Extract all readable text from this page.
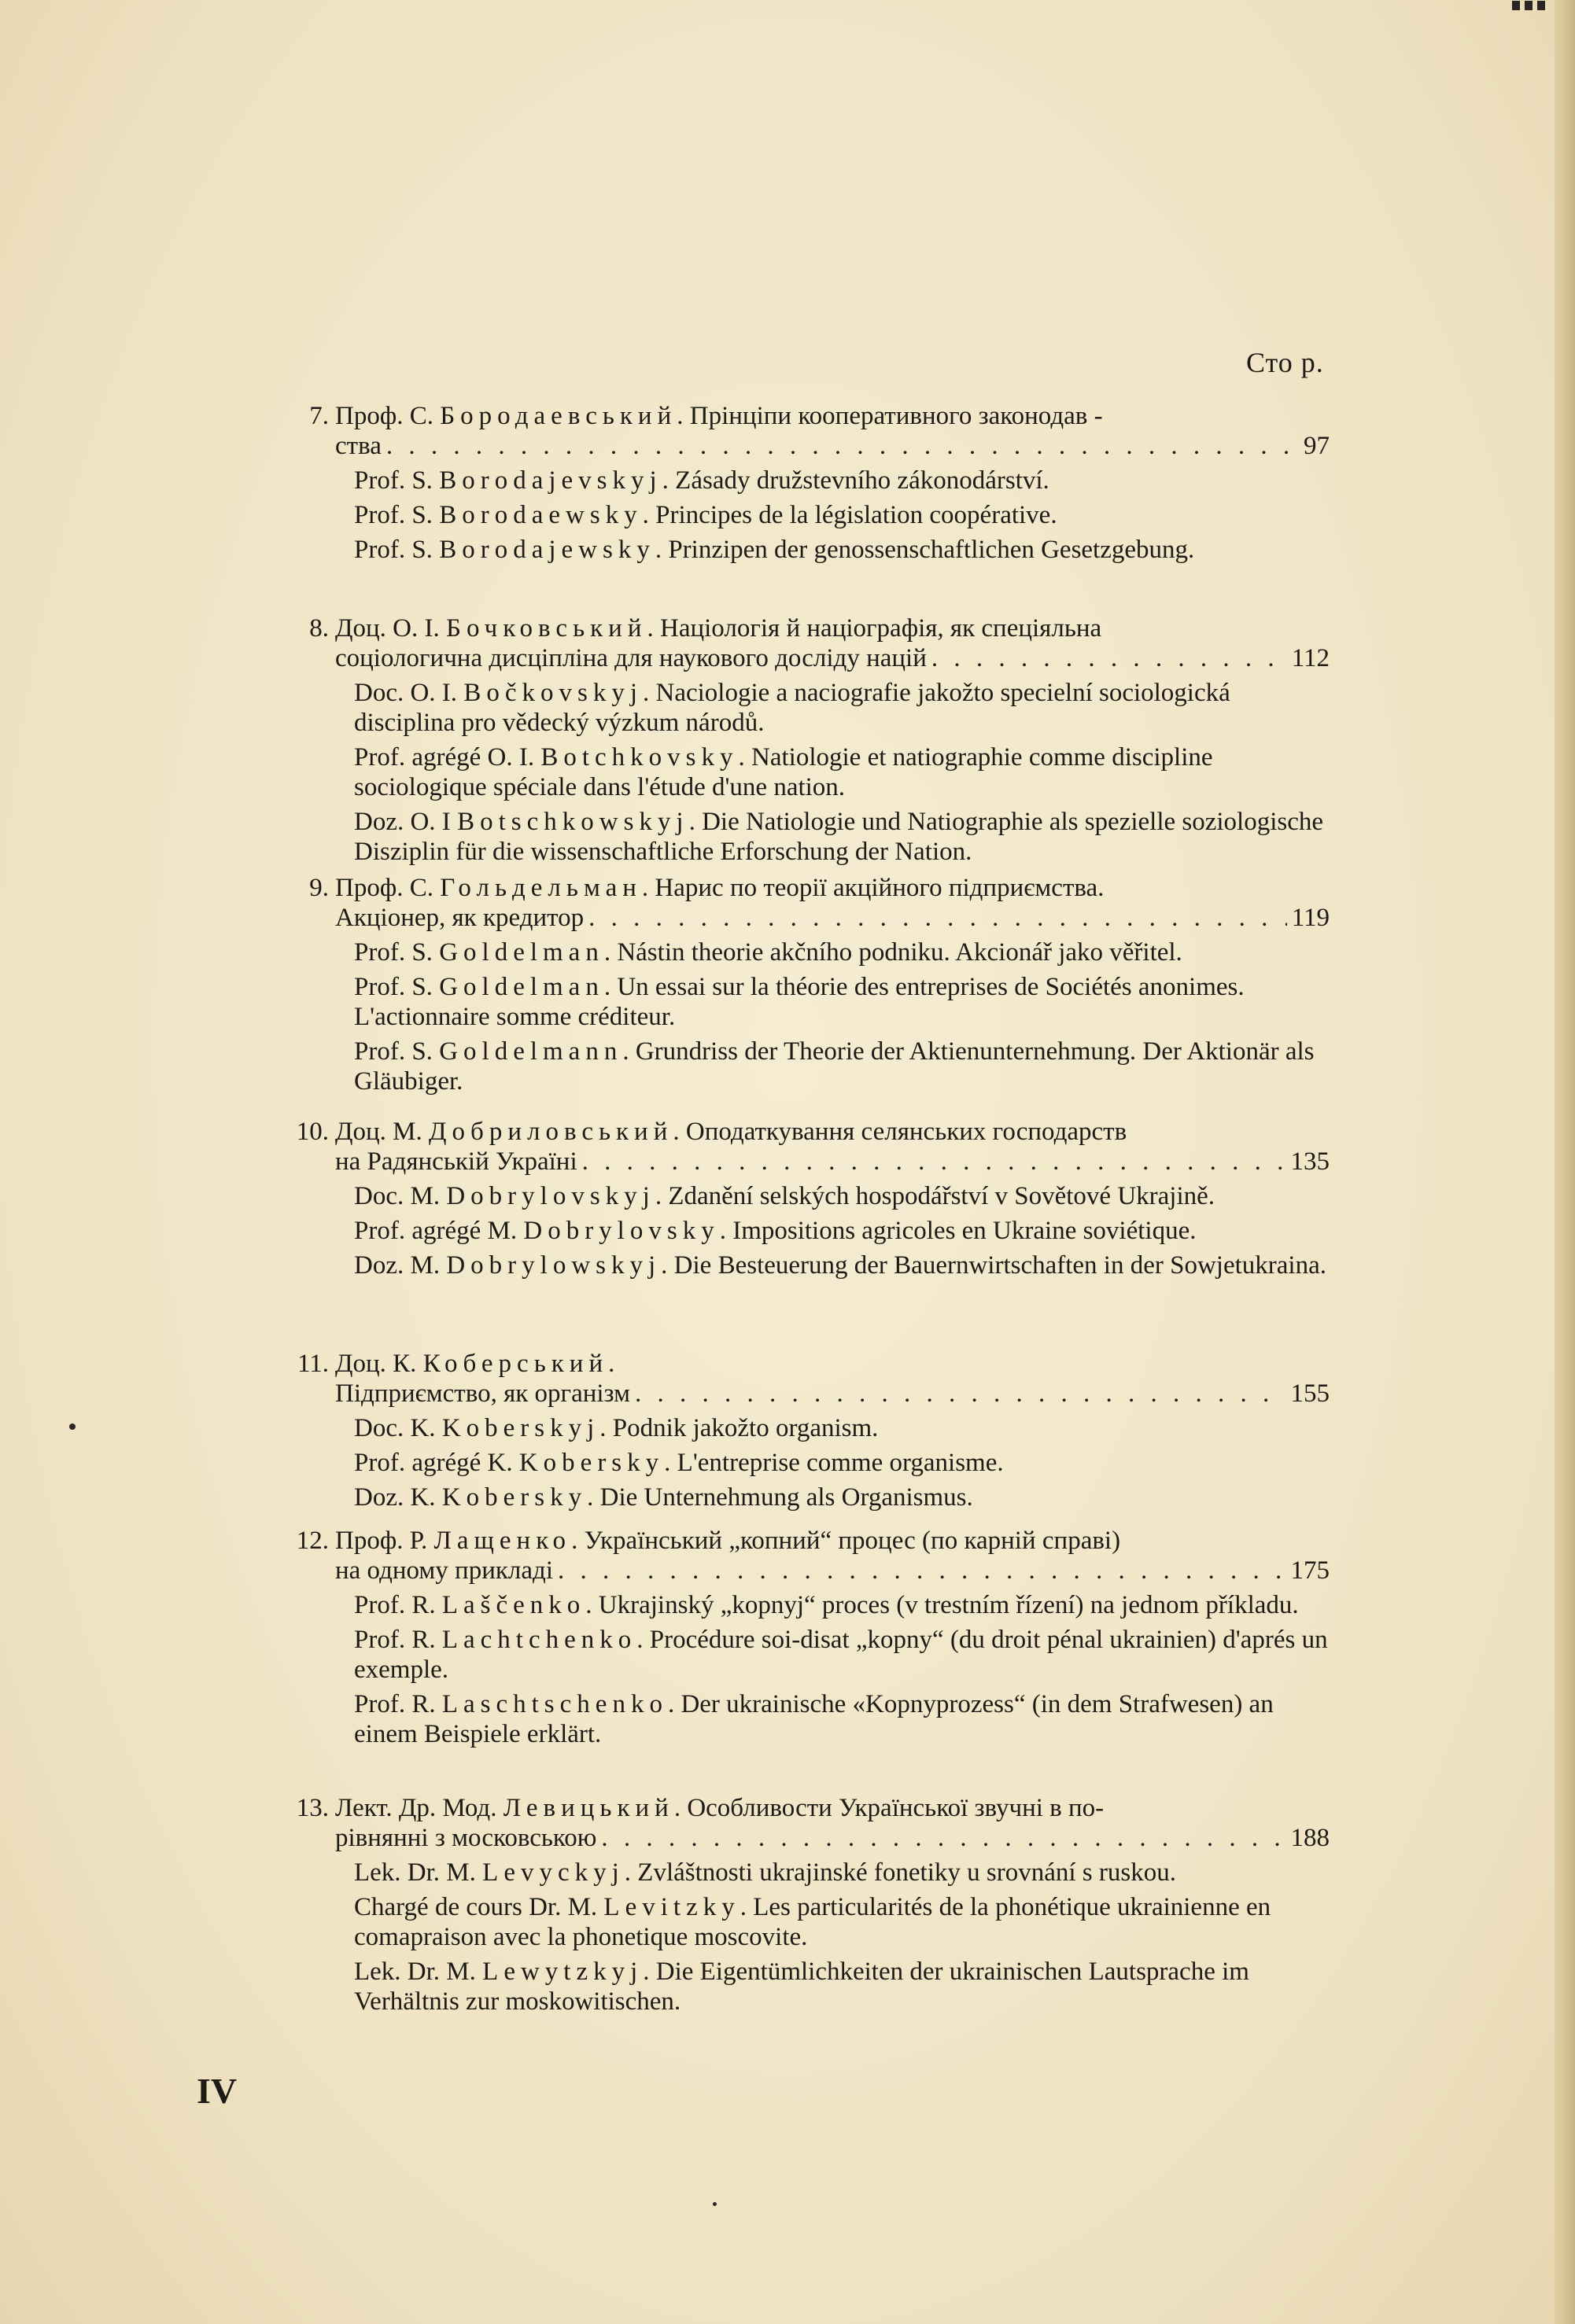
Сто р.
7. Проф. С. Бородаевський. Прінціпи кооперативного законодав -
ства . . .	97
Prof. S. Borodajevskyj. Zásady družstevního zákonodárství.
Prof. S. Borodaewsky. Principes de la législation coopérative.
Prof. S. Borodajewsky. Prinzipen der genossenschaftlichen Gesetzgebung.
8. Доц. О. І. Бочковський. Націологія й націографія, як спеціяльна
соціологична дисціпліна для наукового досліду націй . . .	112
Doc. O. I. Bočkovskyj. Naciologie a naciografie jakožto specielní sociologická disciplina pro vědecký výzkum národů.
Prof. agrégé O. I. Botchkovsky. Natiologie et natiographie comme discipline sociologique spéciale dans l'étude d'une nation.
Doz. O. I Botschkowskyj. Die Natiologie und Natiographie als spezielle soziologische Disziplin für die wissenschaftliche Erforschung der Nation.
9. Проф. С. Гольдельман. Нарис по теорії акційного підприємства.
Акціонер, як кредитор . . .	119
Prof. S. Goldelman. Nástin theorie akčního podniku. Akcionář jako věřitel.
Prof. S. Goldelman. Un essai sur la théorie des entreprises de Sociétés anonimes. L'actionnaire somme créditeur.
Prof. S. Goldelmann. Grundriss der Theorie der Aktienunternehmung. Der Aktionär als Gläubiger.
10. Доц. М. Добриловський. Оподаткування селянських господарств
на Радянській Україні . . .	135
Doc. M. Dobrylovskyj. Zdanění selských hospodářství v Sovětové Ukrajině.
Prof. agrégé M. Dobrylovsky. Impositions agricoles en Ukraine soviétique.
Doz. M. Dobrylowskyj. Die Besteuerung der Bauernwirtschaften in der Sowjetukraina.
11. Доц. К. Коберський.
Підприємство, як організм . . .	155
Doc. K. Koberskyj. Podnik jakožto organism.
Prof. agrégé K. Kobersky. L'entreprise comme organisme.
Doz. K. Kobersky. Die Unternehmung als Organismus.
12. Проф. Р. Лащенко. Український „копний“ процес (по карній справі)
на одному прикладі . . .	175
Prof. R. Laščenko. Ukrajinský „kopnyj“ proces (v trestním řízení) na jednom příkladu.
Prof. R. Lachtchenko. Procédure soi-disat „kopny“ (du droit pénal ukrainien) d'aprés un exemple.
Prof. R. Laschtschenko. Der ukrainische «Kopnyprozess“ (in dem Strafwesen) an einem Beispiele erklärt.
13. Лект. Др. Мод. Левицький. Особливости Української звучні в по-
рівнянні з московською . . .	188
Lek. Dr. M. Levyckyj. Zvláštnosti ukrajinské fonetiky u srovnání s ruskou.
Chargé de cours Dr. M. Levitzky. Les particularités de la phonétique ukrainienne en comapraison avec la phonetique moscovite.
Lek. Dr. M. Lewytzkyj. Die Eigentümlichkeiten der ukrainischen Lautsprache im Verhältnis zur moskowitischen.
IV
